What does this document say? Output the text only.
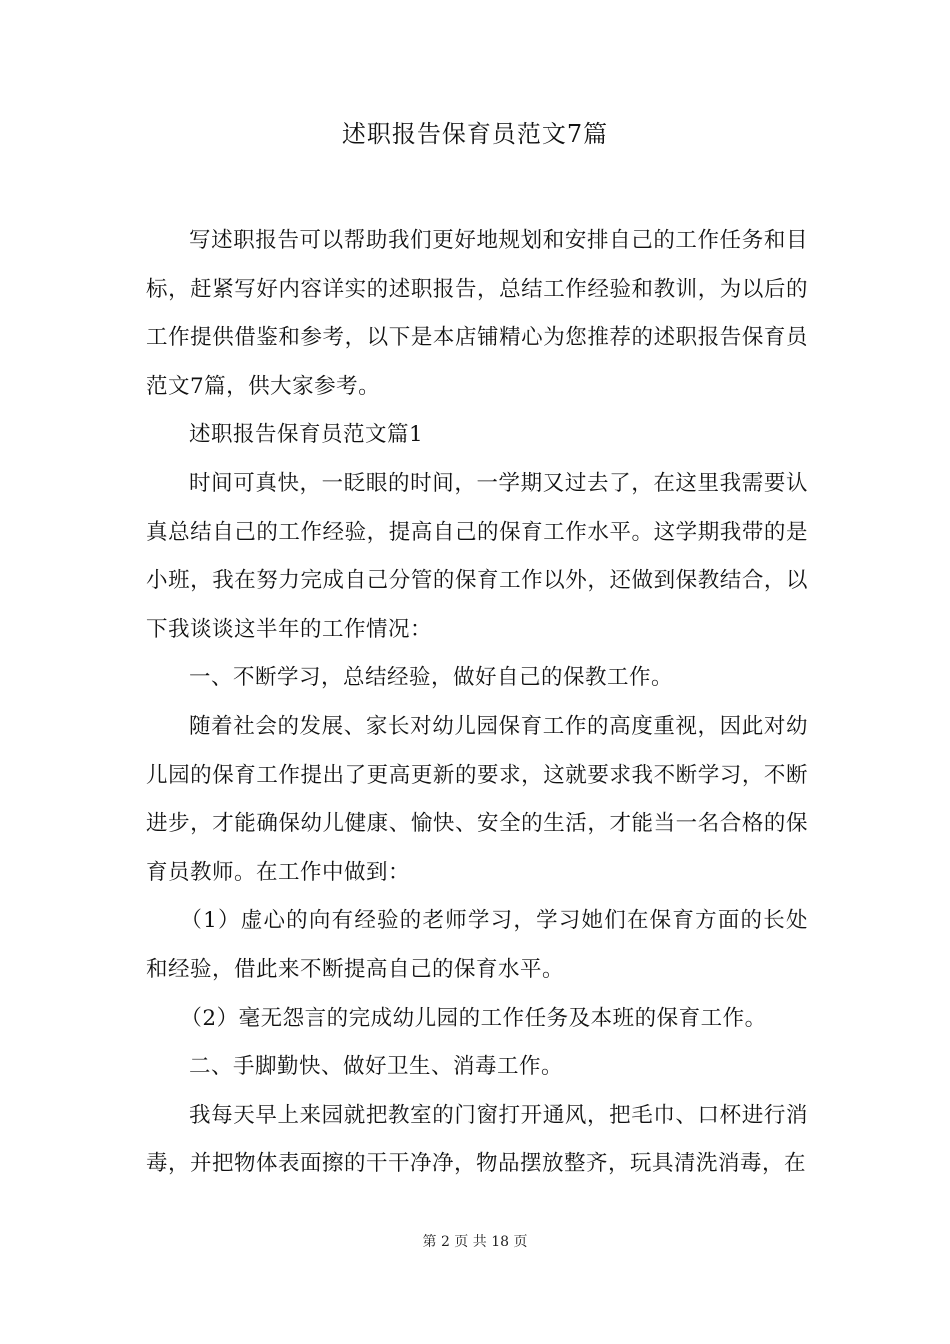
述职报告保育员范文7篇

写述职报告可以帮助我们更好地规划和安排自己的工作任务和目标，赶紧写好内容详实的述职报告，总结工作经验和教训，为以后的工作提供借鉴和参考，以下是本店铺精心为您推荐的述职报告保育员范文7篇，供大家参考。

述职报告保育员范文篇1

时间可真快，一眨眼的时间，一学期又过去了，在这里我需要认真总结自己的工作经验，提高自己的保育工作水平。这学期我带的是小班，我在努力完成自己分管的保育工作以外，还做到保教结合，以下我谈谈这半年的工作情况：

一、不断学习，总结经验，做好自己的保教工作。

随着社会的发展、家长对幼儿园保育工作的高度重视，因此对幼儿园的保育工作提出了更高更新的要求，这就要求我不断学习，不断进步，才能确保幼儿健康、愉快、安全的生活，才能当一名合格的保育员教师。在工作中做到：

（1）虚心的向有经验的老师学习，学习她们在保育方面的长处和经验，借此来不断提高自己的保育水平。

（2）毫无怨言的完成幼儿园的工作任务及本班的保育工作。

二、手脚勤快、做好卫生、消毒工作。

我每天早上来园就把教室的门窗打开通风，把毛巾、口杯进行消毒，并把物体表面擦的干干净净，物品摆放整齐，玩具清洗消毒，在

第 2 页 共 18 页
